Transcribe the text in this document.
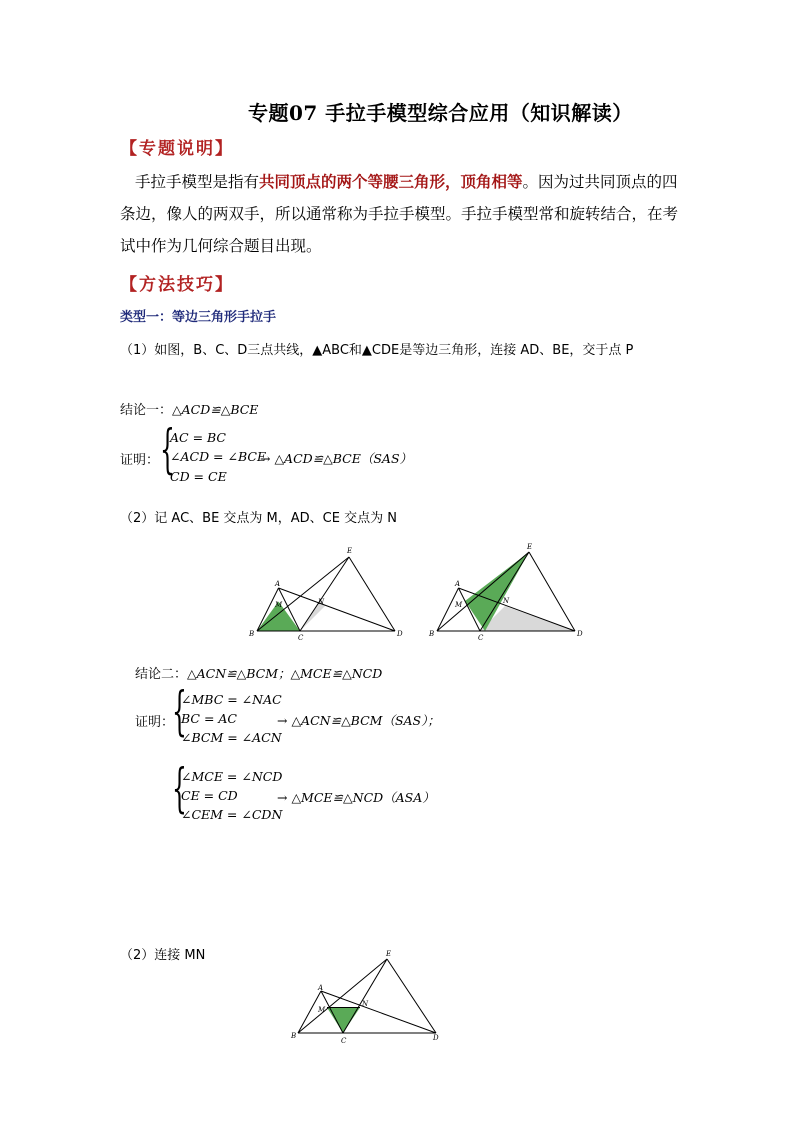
专题07 手拉手模型综合应用（知识解读）
【专题说明】
手拉手模型是指有共同顶点的两个等腰三角形，顶角相等。因为过共同顶点的四条边，像人的两双手，所以通常称为手拉手模型。手拉手模型常和旋转结合，在考试中作为几何综合题目出现。
【方法技巧】
类型一：等边三角形手拉手
（1）如图，B、C、D三点共线，▲ABC和▲CDE是等边三角形，连接 AD、BE，交于点 P
结论一：△ACD≌△BCE
证明： {
AC = BC
∠ACD = ∠BCE
CD = CE
→ △ACD≌△BCE（SAS）
（2）记 AC、BE 交点为 M，AD、CE 交点为 N
A
B	C	D
E
M	N
A
B	C	D
E
M	N
结论二：△ACN≌△BCM；△MCE≌△NCD
证明：
{
∠MBC = ∠NAC
BC = AC
∠BCM = ∠ACN
→ △ACN≌△BCM（SAS）；
{
∠MCE = ∠NCD
CE = CD
∠CEM = ∠CDN
→ △MCE≌△NCD（ASA）
（2）连接 MN
A
B
C	D
E
M
N
